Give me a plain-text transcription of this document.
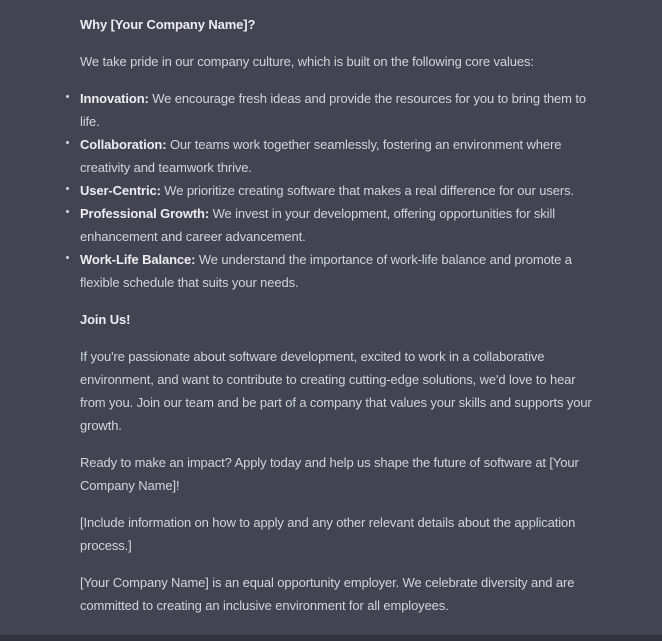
Why [Your Company Name]?

We take pride in our company culture, which is built on the following core values:

Innovation: We encourage fresh ideas and provide the resources for you to bring them to life.
Collaboration: Our teams work together seamlessly, fostering an environment where creativity and teamwork thrive.
User-Centric: We prioritize creating software that makes a real difference for our users.
Professional Growth: We invest in your development, offering opportunities for skill enhancement and career advancement.
Work-Life Balance: We understand the importance of work-life balance and promote a flexible schedule that suits your needs.
Join Us!

If you're passionate about software development, excited to work in a collaborative environment, and want to contribute to creating cutting-edge solutions, we'd love to hear from you. Join our team and be part of a company that values your skills and supports your growth.

Ready to make an impact? Apply today and help us shape the future of software at [Your Company Name]!

[Include information on how to apply and any other relevant details about the application process.]

[Your Company Name] is an equal opportunity employer. We celebrate diversity and are committed to creating an inclusive environment for all employees.
